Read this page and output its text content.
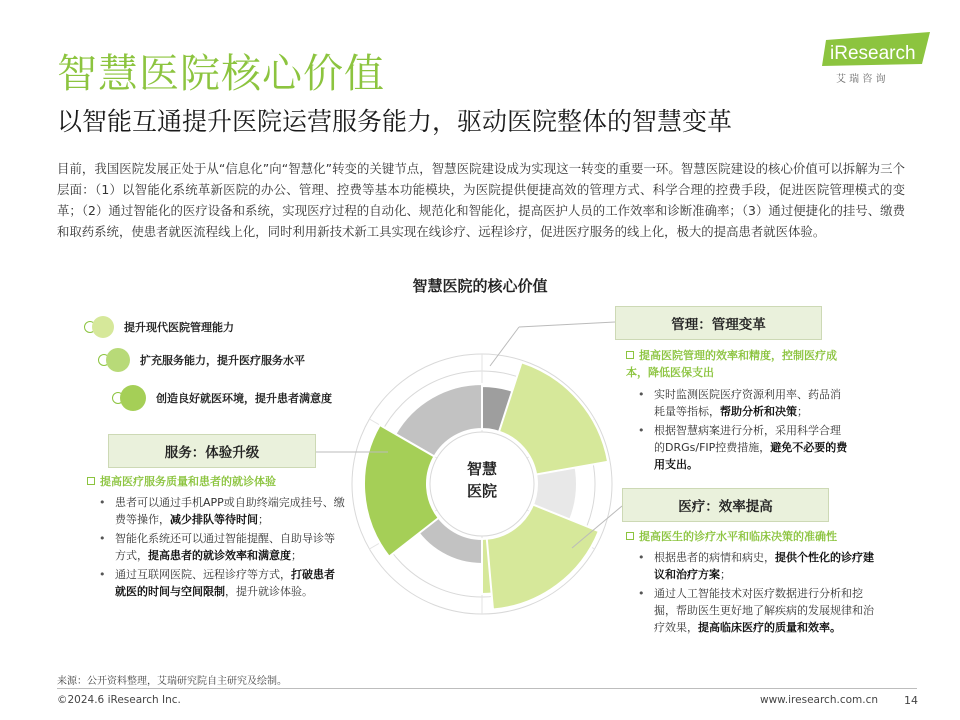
智慧医院核心价值
以智能互通提升医院运营服务能力，驱动医院整体的智慧变革
iResearch
艾 瑞 咨 询
目前，我国医院发展正处于从“信息化”向“智慧化”转变的关键节点，智慧医院建设成为实现这一转变的重要一环。智慧医院建设的核心价值可以拆解为三个层面：（1）以智能化系统革新医院的办公、管理、控费等基本功能模块，为医院提供便捷高效的管理方式、科学合理的控费手段，促进医院管理模式的变革；（2）通过智能化的医疗设备和系统，实现医疗过程的自动化、规范化和智能化，提高医护人员的工作效率和诊断准确率；（3）通过便捷化的挂号、缴费和取药系统，使患者就医流程线上化，同时利用新技术新工具实现在线诊疗、远程诊疗，促进医疗服务的线上化，极大的提高患者就医体验。
智慧医院的核心价值
提升现代医院管理能力
扩充服务能力，提升医疗服务水平
创造良好就医环境，提升患者满意度
智慧
医院
服务：体验升级
提高医疗服务质量和患者的就诊体验
• 患者可以通过手机APP或自助终端完成挂号、缴费等操作，减少排队等待时间；
• 智能化系统还可以通过智能提醒、自助导诊等方式，提高患者的就诊效率和满意度；
• 通过互联网医院、远程诊疗等方式，打破患者就医的时间与空间限制，提升就诊体验。
管理：管理变革
提高医院管理的效率和精度，控制医疗成本，降低医保支出
• 实时监测医院医疗资源利用率、药品消耗量等指标，帮助分析和决策；
• 根据智慧病案进行分析，采用科学合理的DRGs/FIP控费措施，避免不必要的费用支出。
医疗：效率提高
提高医生的诊疗水平和临床决策的准确性
• 根据患者的病情和病史，提供个性化的诊疗建议和治疗方案；
• 通过人工智能技术对医疗数据进行分析和挖掘，帮助医生更好地了解疾病的发展规律和治疗效果，提高临床医疗的质量和效率。
来源：公开资料整理，艾瑞研究院自主研究及绘制。
©2024.6 iResearch Inc.	www.iresearch.com.cn 14
